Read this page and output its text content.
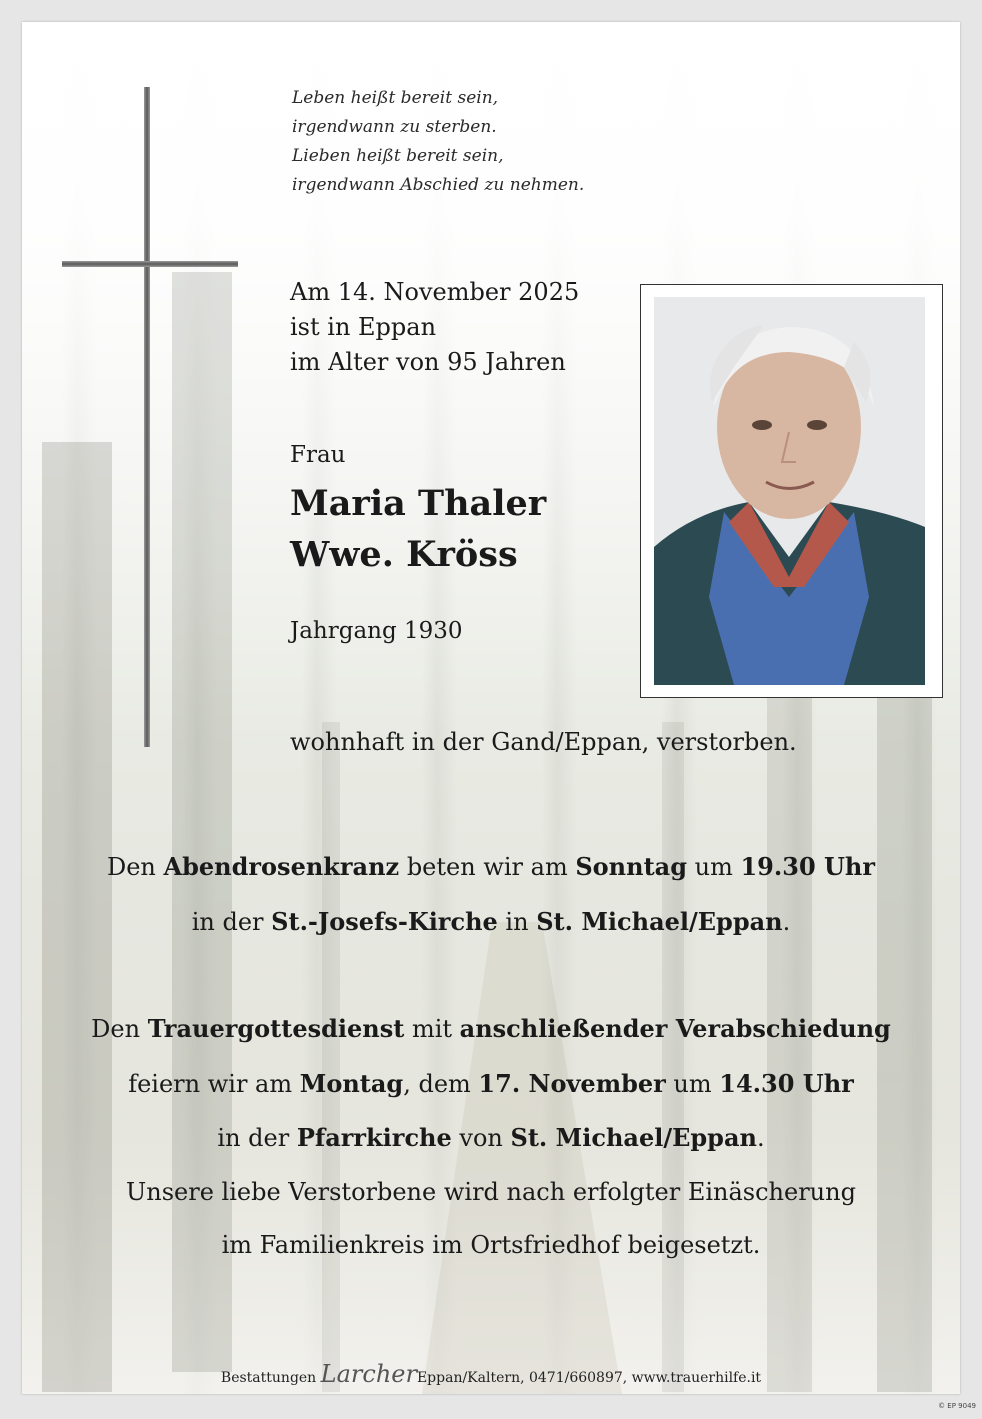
Leben heißt bereit sein,
irgendwann zu sterben.
Lieben heißt bereit sein,
irgendwann Abschied zu nehmen.
Am 14. November 2025
ist in Eppan
im Alter von 95 Jahren
Frau
Maria Thaler
Wwe. Kröss
Jahrgang 1930
wohnhaft in der Gand/Eppan, verstorben.
Den Abendrosenkranz beten wir am Sonntag um 19.30 Uhr
in der St.-Josefs-Kirche in St. Michael/Eppan.
Den Trauergottesdienst mit anschließender Verabschiedung
feiern wir am Montag, dem 17. November um 14.30 Uhr
in der Pfarrkirche von St. Michael/Eppan.
Unsere liebe Verstorbene wird nach erfolgter Einäscherung
im Familienkreis im Ortsfriedhof beigesetzt.
Bestattungen LarcherEppan/Kaltern, 0471/660897, www.trauerhilfe.it
© EP 9049
